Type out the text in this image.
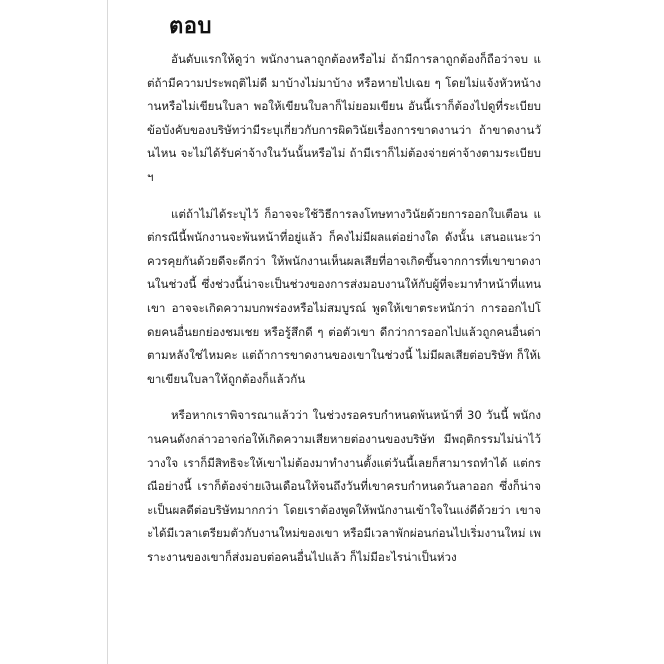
ตอบ

อันดับแรกให้ดูว่า พนักงานลาถูกต้องหรือไม่ ถ้ามีการลาถูกต้องก็ถือว่าจบ แต่ถ้ามีความประพฤติไม่ดี มาบ้างไม่มาบ้าง หรือหายไปเฉย ๆ โดยไม่แจ้งหัวหน้างานหรือไม่เขียนใบลา พอให้เขียนใบลาก็ไม่ยอมเขียน อันนี้เราก็ต้องไปดูที่ระเบียบข้อบังคับของบริษัทว่ามีระบุเกี่ยวกับการผิดวินัยเรื่องการขาดงานว่า ถ้าขาดงานวันไหน จะไม่ได้รับค่าจ้างในวันนั้นหรือไม่ ถ้ามีเราก็ไม่ต้องจ่ายค่าจ้างตามระเบียบฯ

แต่ถ้าไม่ได้ระบุไว้ ก็อาจจะใช้วิธีการลงโทษทางวินัยด้วยการออกใบเตือน แต่กรณีนี้พนักงานจะพ้นหน้าที่อยู่แล้ว ก็คงไม่มีผลแต่อย่างใด ดังนั้น เสนอแนะว่า ควรคุยกันด้วยดีจะดีกว่า ให้พนักงานเห็นผลเสียที่อาจเกิดขึ้นจากการที่เขาขาดงานในช่วงนี้ ซึ่งช่วงนี้น่าจะเป็นช่วงของการส่งมอบงานให้กับผู้ที่จะมาทำหน้าที่แทนเขา อาจจะเกิดความบกพร่องหรือไม่สมบูรณ์ พูดให้เขาตระหนักว่า การออกไปโดยคนอื่นยกย่องชมเชย หรือรู้สึกดี ๆ ต่อตัวเขา ดีกว่าการออกไปแล้วถูกคนอื่นด่าตามหลังใช่ไหมคะ แต่ถ้าการขาดงานของเขาในช่วงนี้ ไม่มีผลเสียต่อบริษัท ก็ให้เขาเขียนใบลาให้ถูกต้องก็แล้วกัน

หรือหากเราพิจารณาแล้วว่า ในช่วงรอครบกำหนดพ้นหน้าที่ 30 วันนี้ พนักงานคนดังกล่าวอาจก่อให้เกิดความเสียหายต่องานของบริษัท มีพฤติกรรมไม่น่าไว้วางใจ เราก็มีสิทธิจะให้เขาไม่ต้องมาทำงานตั้งแต่วันนี้เลยก็สามารถทำได้ แต่กรณีอย่างนี้ เราก็ต้องจ่ายเงินเดือนให้จนถึงวันที่เขาครบกำหนดวันลาออก ซึ่งก็น่าจะเป็นผลดีต่อบริษัทมากกว่า โดยเราต้องพูดให้พนักงานเข้าใจในแง่ดีด้วยว่า เขาจะได้มีเวลาเตรียมตัวกับงานใหม่ของเขา หรือมีเวลาพักผ่อนก่อนไปเริ่มงานใหม่ เพราะงานของเขาก็ส่งมอบต่อคนอื่นไปแล้ว ก็ไม่มีอะไรน่าเป็นห่วง
